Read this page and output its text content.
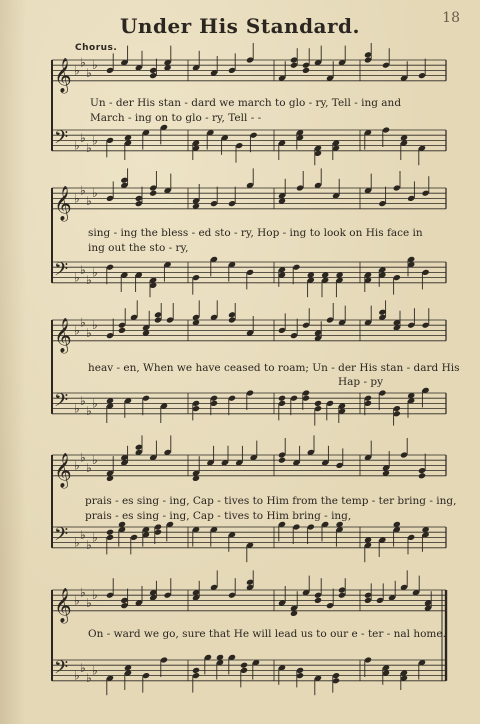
Under His Standard.	18
Chorus.
𝄞 ♭
♭
♭
♭
𝄢 ♭
♭
♭
♭
𝄞 ♭
♭
♭
♭
𝄢 ♭
♭
♭
♭
𝄞 ♭
♭
♭
♭
𝄢 ♭
♭
♭
♭
𝄞 ♭
♭
♭
♭
𝄢 ♭
♭
♭
♭
𝄞 ♭
♭
♭
♭
𝄢 ♭
♭
♭
♭
Un - der His stan - dard we march to glo - ry, Tell - ing and
March - ing on to glo - ry, Tell - -
sing - ing the bless - ed sto - ry, Hop - ing to look on His face in
ing out the sto - ry,
heav - en, When we have ceased to roam; Un - der His stan - dard His
Hap - py
prais - es sing - ing, Cap - tives to Him from the temp - ter bring - ing,
prais - es sing - ing, Cap - tives to Him bring - ing,
On - ward we go, sure that He will lead us to our e - ter - nal home.
